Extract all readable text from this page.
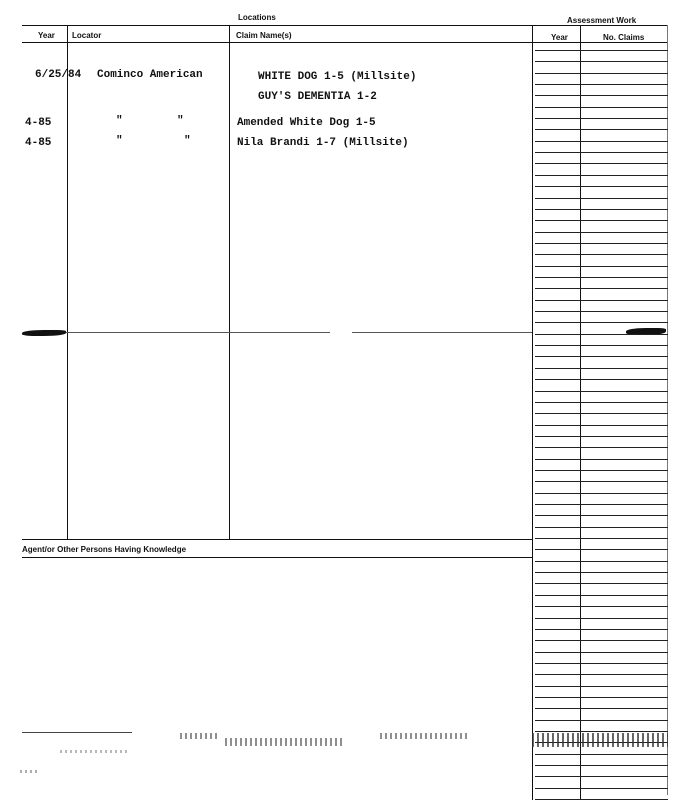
Locations	Assessment Work
Year Locator	Claim Name(s)	Year	No. Claims
6/25/84 Cominco American	WHITE DOG 1-5 (Millsite)
GUY'S DEMENTIA 1-2
4-85	"	"	Amended White Dog 1-5
4-85	"	"	Nila Brandi 1-7 (Millsite)
Agent/or Other Persons Having Knowledge
